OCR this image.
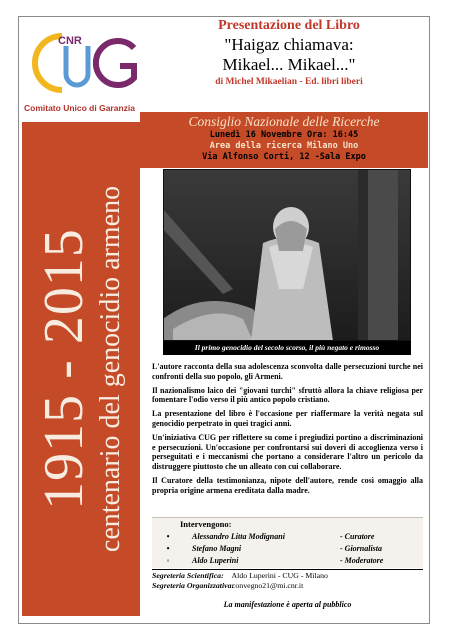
CNR
Comitato Unico di Garanzia
Presentazione del Libro
"Haigaz chiamava:
Mikael... Mikael..."
di Michel Mikaelian - Ed. libri liberi
1915 - 2015 centenario del genocidio armeno
Consiglio Nazionale delle Ricerche
Lunedì 16 Novembre Ora: 16:45
Area della ricerca Milano Uno
Via Alfonso Corti, 12 -Sala Expo
Il primo genocidio del secolo scorso, il più negato e rimosso

L'autore racconta della sua adolescenza sconvolta dalle persecuzioni turche nei confronti della suo popolo, gli Armeni.

Il nazionalismo laico dei "giovani turchi" sfruttò allora la chiave religiosa per fomentare l'odio verso il più antico popolo cristiano.

La presentazione del libro è l'occasione per riaffermare la verità negata sul genocidio perpetrato in quei tragici anni.

Un'iniziativa CUG per riflettere su come i pregiudizi portino a discriminazioni e persecuzioni. Un'occasione per confrontarsi sui doveri di accoglienza verso i perseguitati e i meccanismi che portano a considerare l'altro un pericolo da distruggere piuttosto che un alleato con cui collaborare.

Il Curatore della testimonianza, nipote dell'autore, rende così omaggio alla propria origine armena ereditata dalla madre.

Intervengono:
•	Alessandro Litta Modignani	- Curatore
•	Stefano Magni	- Giornalista
◦	Aldo Luperini	- Moderatore
Segreteria Scientifica: Aldo Luperini - CUG - Milano
Segreteria Organizzativa: convegno21@mi.cnr.it
La manifestazione è aperta al pubblico
